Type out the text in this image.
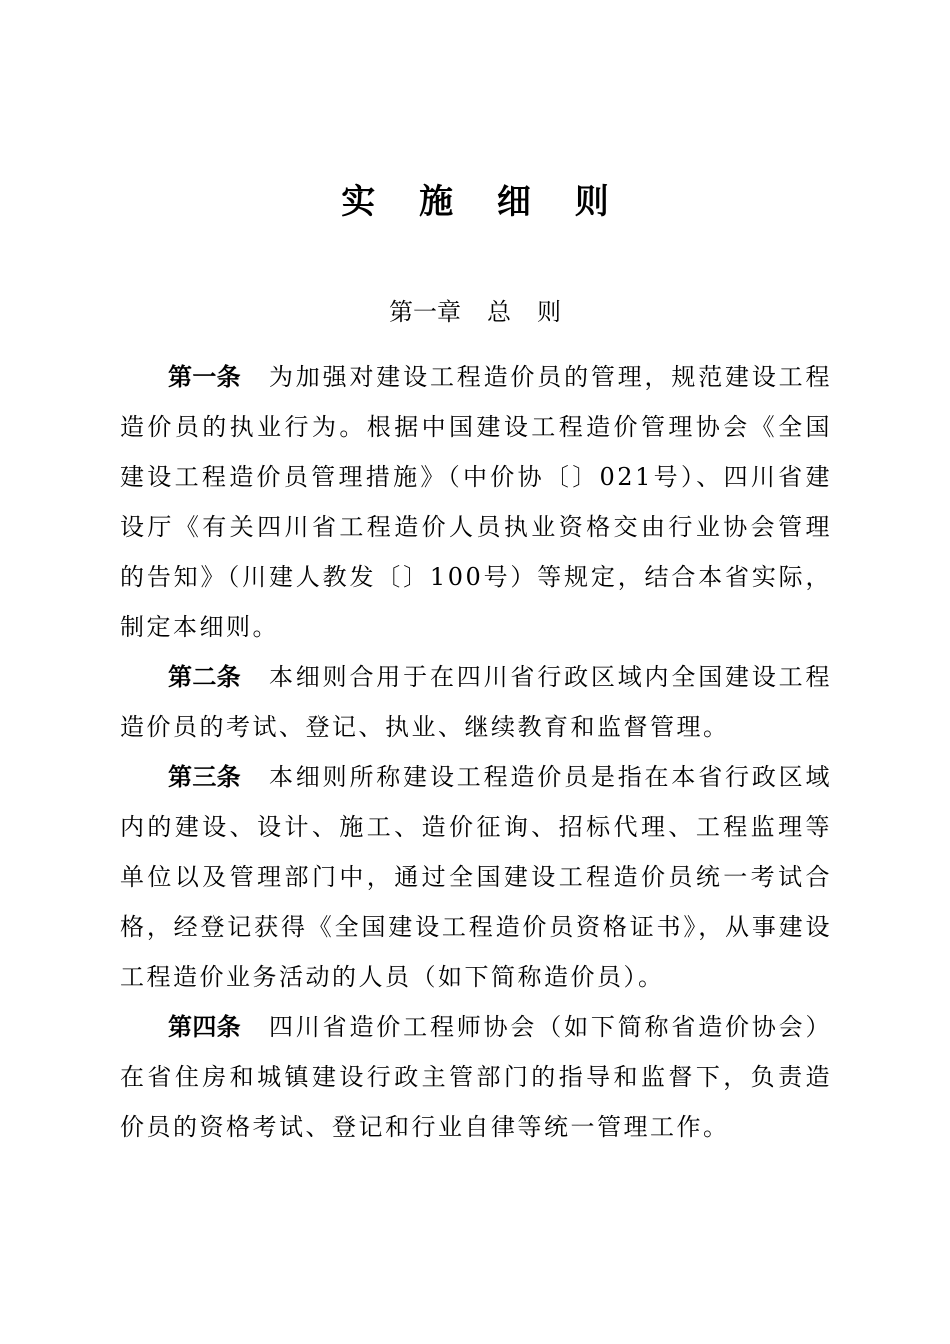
实 施 细 则
第一章 总 则

第一条 为加强对建设工程造价员的管理，规范建设工程造价员的执业行为。根据中国建设工程造价管理协会《全国建设工程造价员管理措施》（中价协〔〕021号）、四川省建设厅《有关四川省工程造价人员执业资格交由行业协会管理的告知》（川建人教发〔〕100号）等规定，结合本省实际，制定本细则。

第二条 本细则合用于在四川省行政区域内全国建设工程造价员的考试、登记、执业、继续教育和监督管理。

第三条 本细则所称建设工程造价员是指在本省行政区域内的建设、设计、施工、造价征询、招标代理、工程监理等单位以及管理部门中，通过全国建设工程造价员统一考试合格，经登记获得《全国建设工程造价员资格证书》，从事建设工程造价业务活动的人员（如下简称造价员）。

第四条 四川省造价工程师协会（如下简称省造价协会）在省住房和城镇建设行政主管部门的指导和监督下，负责造价员的资格考试、登记和行业自律等统一管理工作。
